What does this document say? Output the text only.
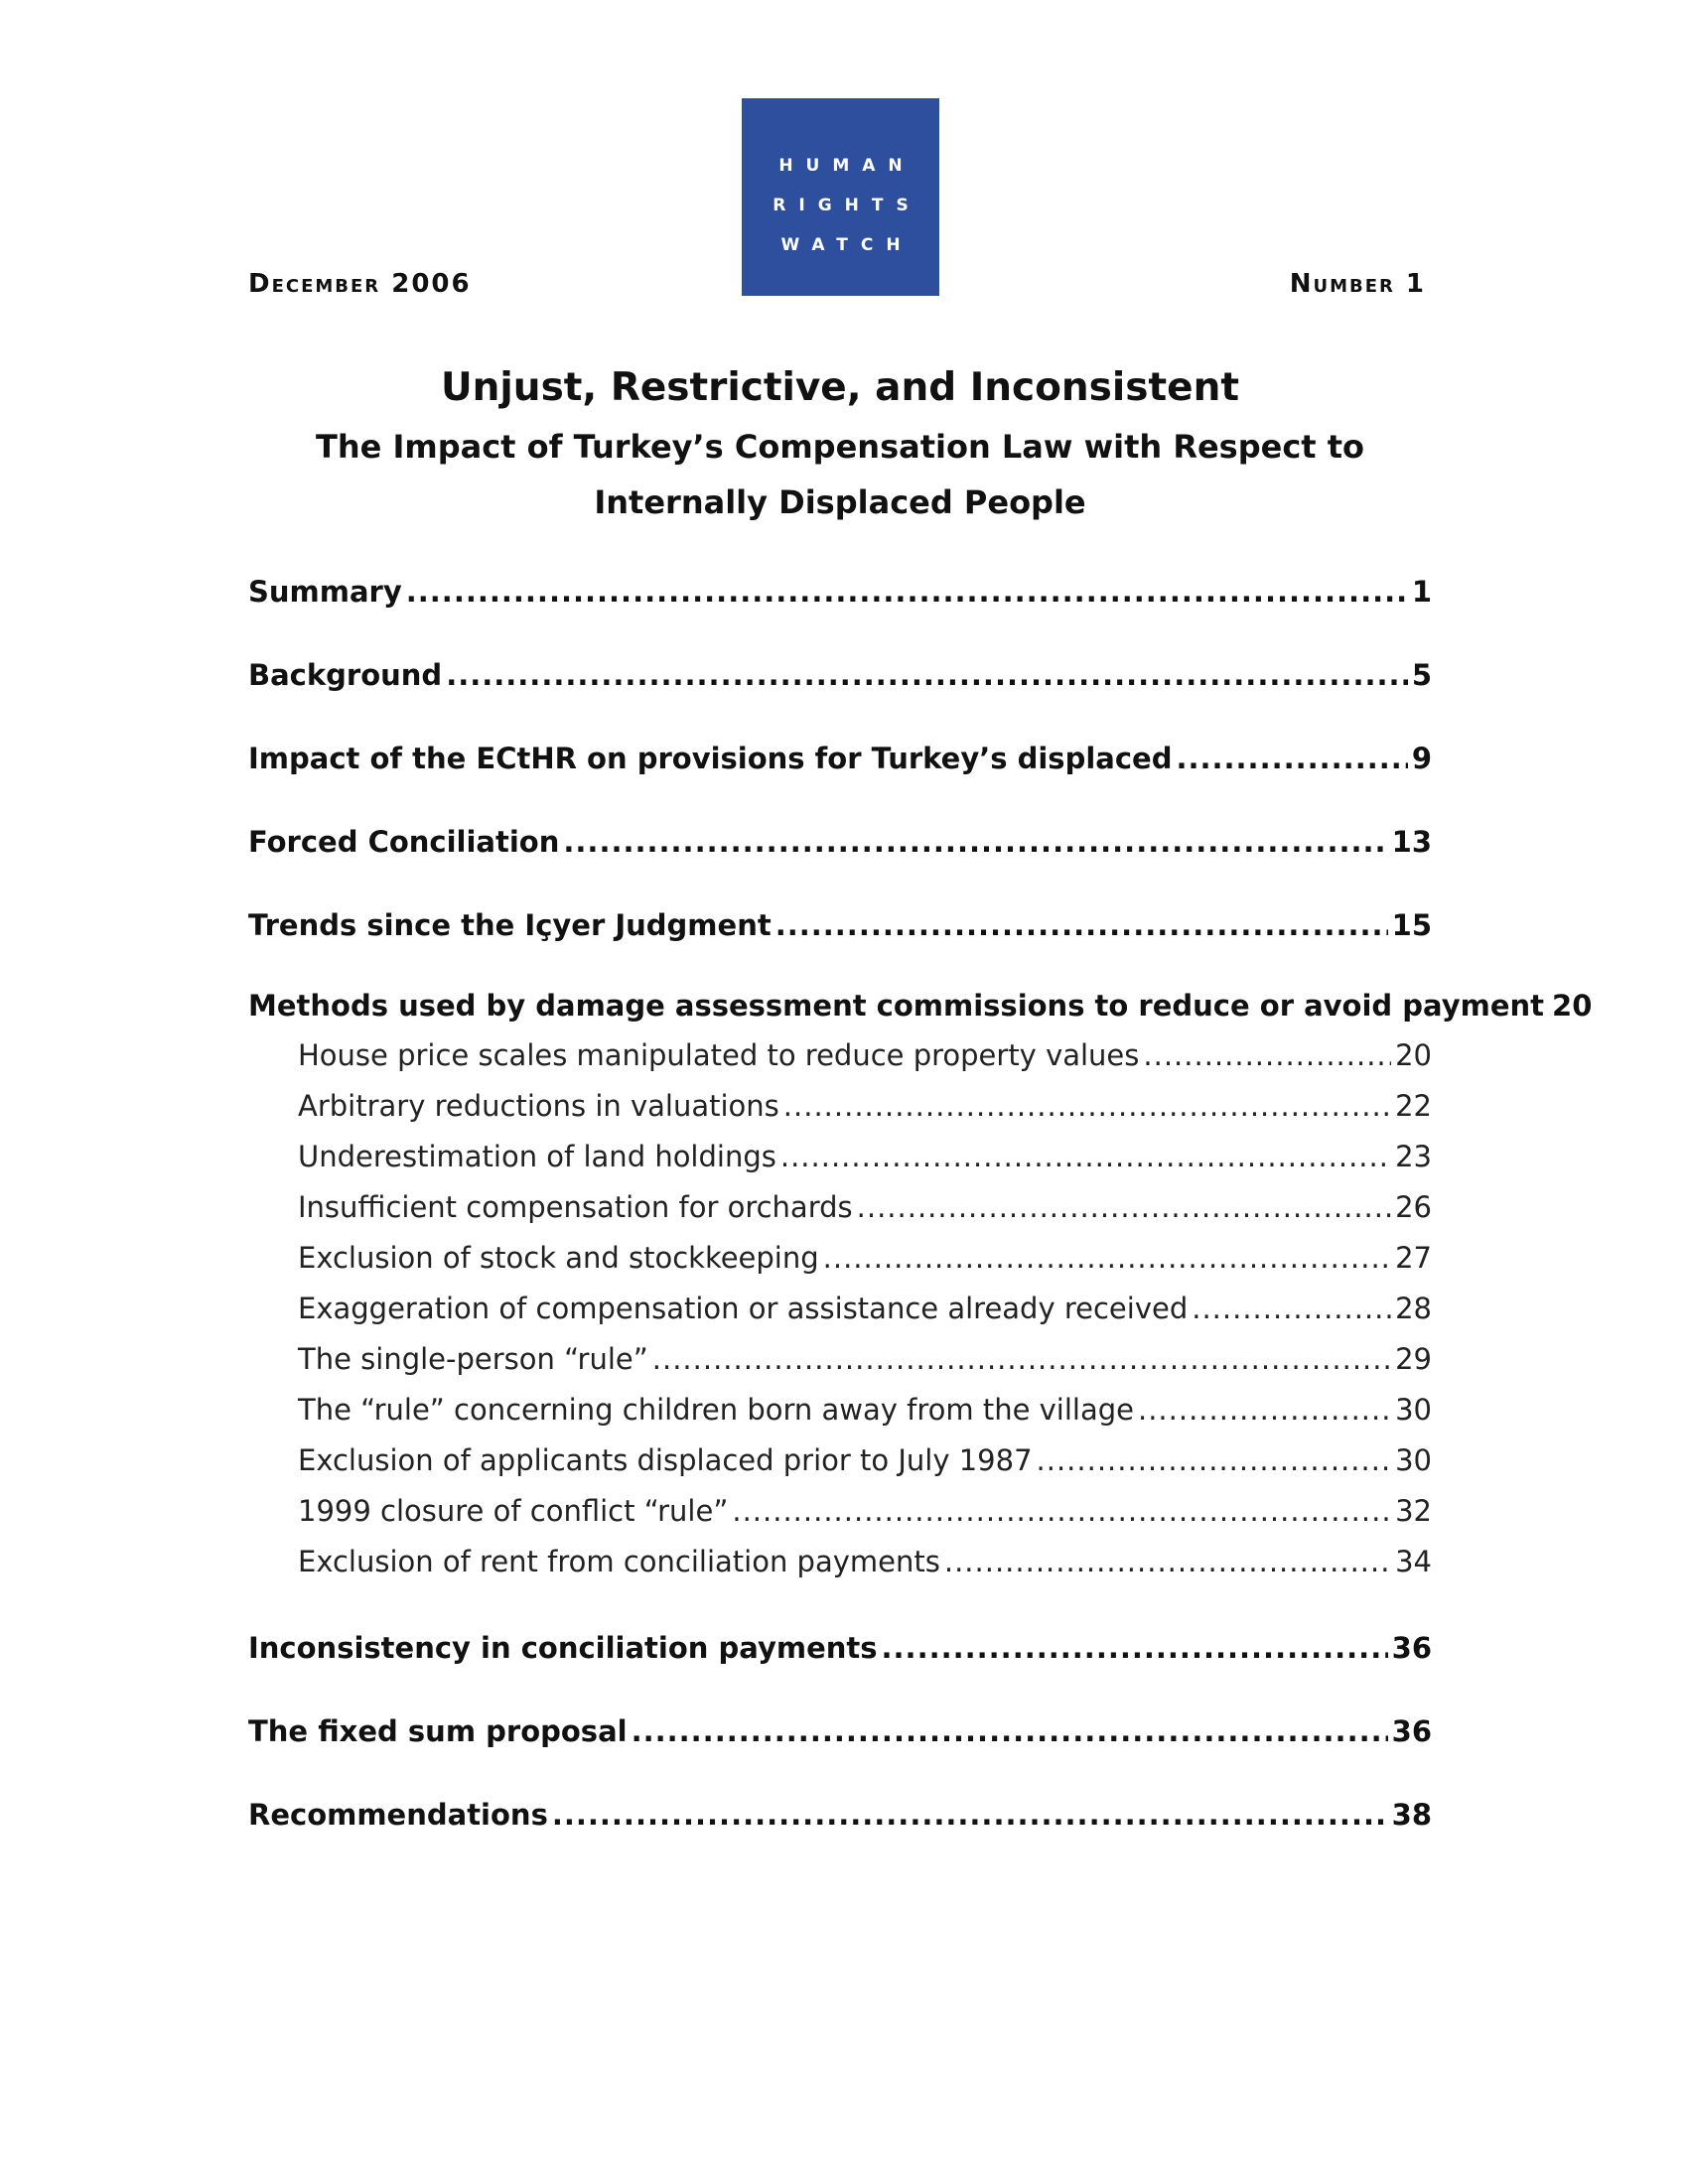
HUMAN
RIGHTS
WATCH
December 2006	Number 1
Unjust, Restrictive, and Inconsistent
The Impact of Turkey’s Compensation Law with Respect to
Internally Displaced People
Summary .....	1
Background .....	5
Impact of the ECtHR on provisions for Turkey’s displaced .....	9
Forced Conciliation .....	13
Trends since the Içyer Judgment .....	15
Methods used by damage assessment commissions to reduce or avoid payment 20
House price scales manipulated to reduce property values .....	20
Arbitrary reductions in valuations .....	22
Underestimation of land holdings .....	23
Insufficient compensation for orchards .....	26
Exclusion of stock and stockkeeping .....	27
Exaggeration of compensation or assistance already received .....	28
The single-person “rule” .....	29
The “rule” concerning children born away from the village .....	30
Exclusion of applicants displaced prior to July 1987 .....	30
1999 closure of conflict “rule” .....	32
Exclusion of rent from conciliation payments .....	34
Inconsistency in conciliation payments .....	36
The fixed sum proposal .....	36
Recommendations .....	38
